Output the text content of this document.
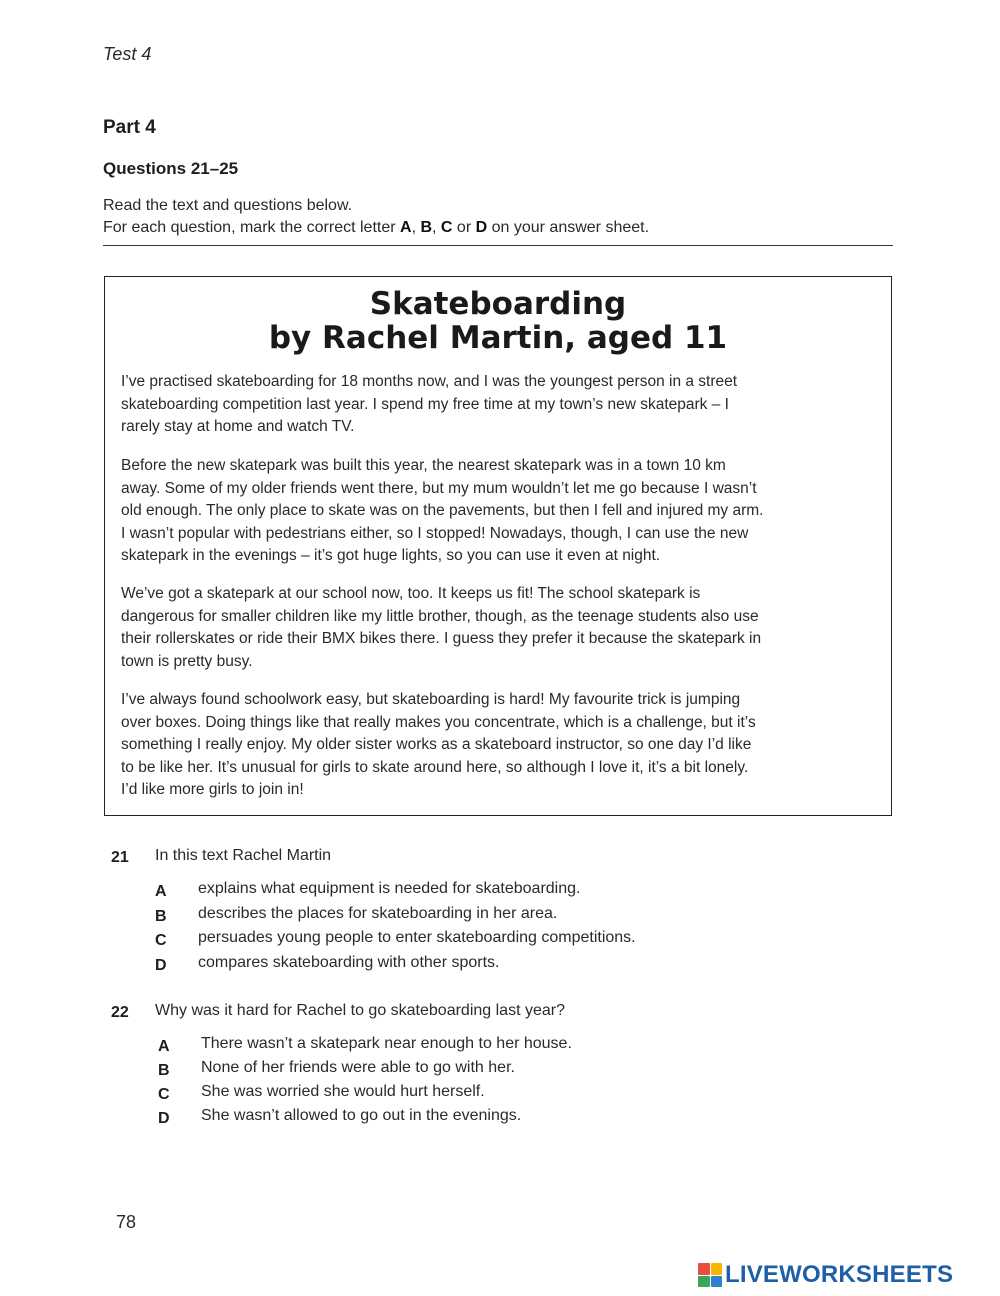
Test 4
Part 4
Questions 21–25
Read the text and questions below.
For each question, mark the correct letter A, B, C or D on your answer sheet.
Skateboarding
by Rachel Martin, aged 11
I’ve practised skateboarding for 18 months now, and I was the youngest person in a street
skateboarding competition last year. I spend my free time at my town’s new skatepark – I
rarely stay at home and watch TV.
Before the new skatepark was built this year, the nearest skatepark was in a town 10 km
away. Some of my older friends went there, but my mum wouldn’t let me go because I wasn’t
old enough. The only place to skate was on the pavements, but then I fell and injured my arm.
I wasn’t popular with pedestrians either, so I stopped! Nowadays, though, I can use the new
skatepark in the evenings – it’s got huge lights, so you can use it even at night.
We’ve got a skatepark at our school now, too. It keeps us fit! The school skatepark is
dangerous for smaller children like my little brother, though, as the teenage students also use
their rollerskates or ride their BMX bikes there. I guess they prefer it because the skatepark in
town is pretty busy.
I’ve always found schoolwork easy, but skateboarding is hard! My favourite trick is jumping
over boxes. Doing things like that really makes you concentrate, which is a challenge, but it’s
something I really enjoy. My older sister works as a skateboard instructor, so one day I’d like
to be like her. It’s unusual for girls to skate around here, so although I love it, it’s a bit lonely.
I’d like more girls to join in!
21 In this text Rachel Martin
A explains what equipment is needed for skateboarding.
B describes the places for skateboarding in her area.
C persuades young people to enter skateboarding competitions.
D compares skateboarding with other sports.
22 Why was it hard for Rachel to go skateboarding last year?
A There wasn’t a skatepark near enough to her house.
B None of her friends were able to go with her.
C She was worried she would hurt herself.
D She wasn’t allowed to go out in the evenings.
78
LIVEWORKSHEETS
